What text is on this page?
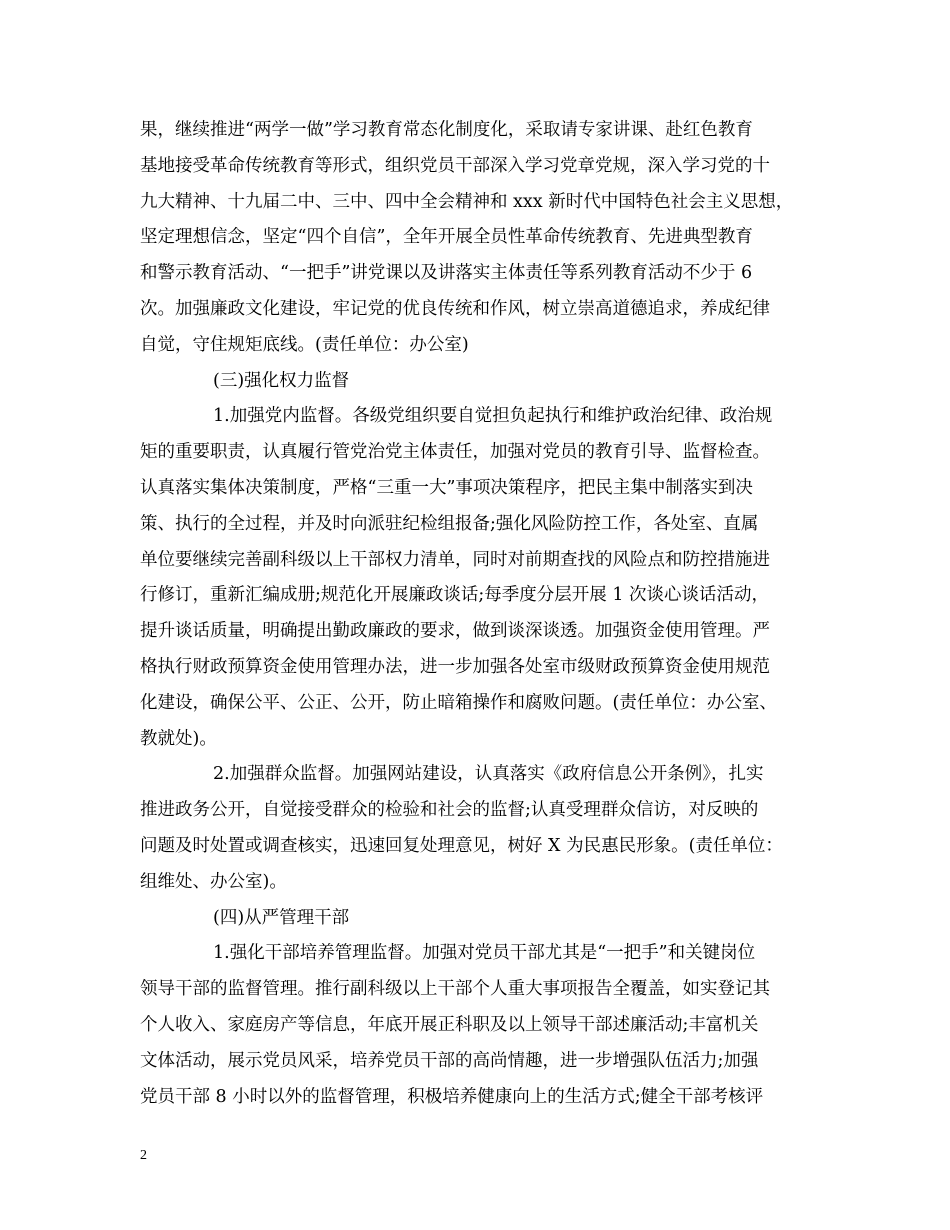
果，继续推进“两学一做”学习教育常态化制度化，采取请专家讲课、赴红色教育
基地接受革命传统教育等形式，组织党员干部深入学习党章党规，深入学习党的十
九大精神、十九届二中、三中、四中全会精神和 xxx 新时代中国特色社会主义思想，
坚定理想信念，坚定“四个自信”，全年开展全员性革命传统教育、先进典型教育
和警示教育活动、“一把手”讲党课以及讲落实主体责任等系列教育活动不少于 6
次。加强廉政文化建设，牢记党的优良传统和作风，树立崇高道德追求，养成纪律
自觉，守住规矩底线。(责任单位：办公室)
(三)强化权力监督
1.加强党内监督。各级党组织要自觉担负起执行和维护政治纪律、政治规
矩的重要职责，认真履行管党治党主体责任，加强对党员的教育引导、监督检查。
认真落实集体决策制度，严格“三重一大”事项决策程序，把民主集中制落实到决
策、执行的全过程，并及时向派驻纪检组报备;强化风险防控工作，各处室、直属
单位要继续完善副科级以上干部权力清单，同时对前期查找的风险点和防控措施进
行修订，重新汇编成册;规范化开展廉政谈话;每季度分层开展 1 次谈心谈话活动，
提升谈话质量，明确提出勤政廉政的要求，做到谈深谈透。加强资金使用管理。严
格执行财政预算资金使用管理办法，进一步加强各处室市级财政预算资金使用规范
化建设，确保公平、公正、公开，防止暗箱操作和腐败问题。(责任单位：办公室、
教就处)。
2.加强群众监督。加强网站建设，认真落实《政府信息公开条例》，扎实
推进政务公开，自觉接受群众的检验和社会的监督;认真受理群众信访，对反映的
问题及时处置或调查核实，迅速回复处理意见，树好 X 为民惠民形象。(责任单位：
组维处、办公室)。
(四)从严管理干部
1.强化干部培养管理监督。加强对党员干部尤其是“一把手”和关键岗位
领导干部的监督管理。推行副科级以上干部个人重大事项报告全覆盖，如实登记其
个人收入、家庭房产等信息，年底开展正科职及以上领导干部述廉活动;丰富机关
文体活动，展示党员风采，培养党员干部的高尚情趣，进一步增强队伍活力;加强
党员干部 8 小时以外的监督管理，积极培养健康向上的生活方式;健全干部考核评
2
